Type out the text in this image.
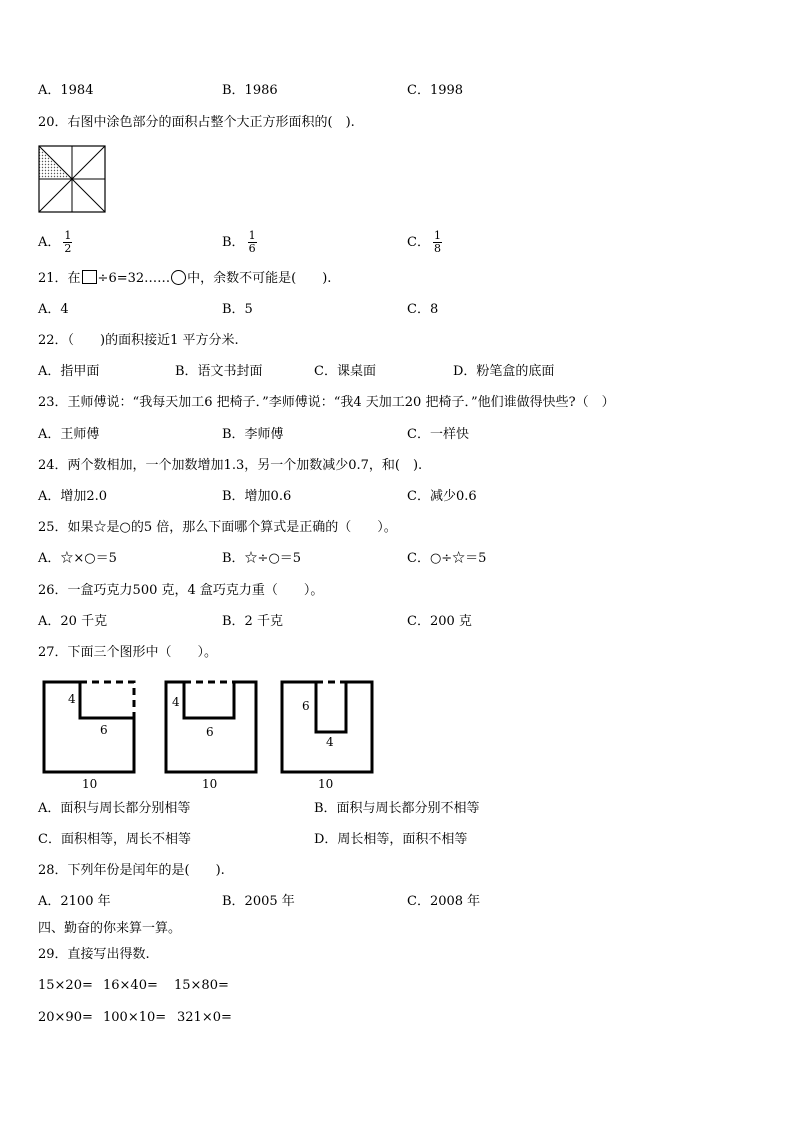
A．1984	B．1986	C．1998
20．右图中涂色部分的面积占整个大正方形面积的(　).
A． $\frac{1}{2}$	B． $\frac{1}{6}$	C． $\frac{1}{8}$
21．在 ÷6=32…… 中，余数不可能是(　　).
A．4	B．5	C．8
22．（　　)的面积接近1 平方分米.
A．指甲面	B．语文书封面	C．课桌面	D．粉笔盒的底面
23．王师傅说：“我每天加工6 把椅子．”李师傅说：“我4 天加工20 把椅子．”他们谁做得快些?（　）
A．王师傅	B．李师傅	C．一样快
24．两个数相加，一个加数增加1.3，另一个加数减少0.7，和(　).
A．增加2.0	B．增加0.6	C．减少0.6
25．如果☆是○的5 倍，那么下面哪个算式是正确的（　　）。
A．☆×○＝5	B．☆÷○＝5	C．○÷☆＝5
26．一盒巧克力500 克，4 盒巧克力重（　　）。
A．20 千克	B．2 千克	C．200 克
27．下面三个图形中（　　）。
4
6
10
4
6
10
6
4
10
A．面积与周长都分别相等	B．面积与周长都分别不相等
C．面积相等，周长不相等	D．周长相等，面积不相等
28．下列年份是闰年的是(　　).
A．2100 年	B．2005 年	C．2008 年
四、勤奋的你来算一算。
29．直接写出得数.
15×20= 16×40= 15×80=
20×90= 100×10= 321×0=
